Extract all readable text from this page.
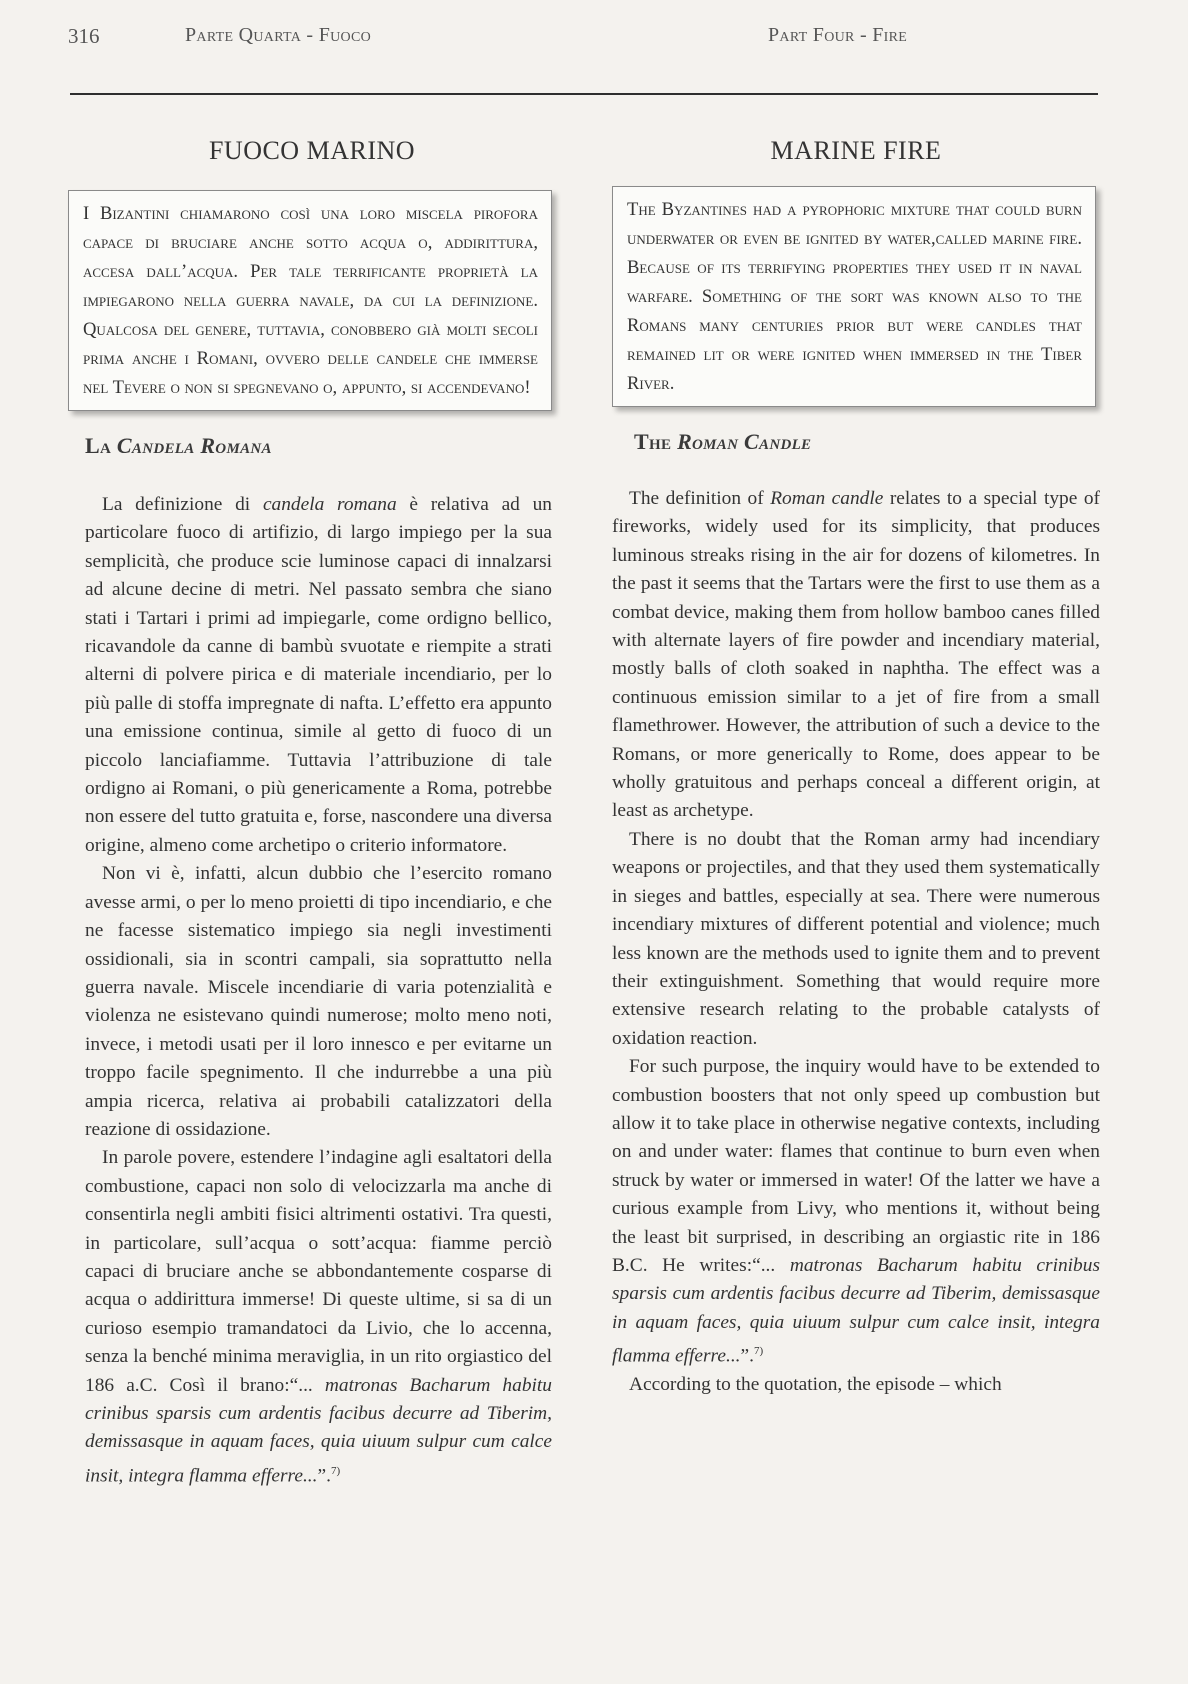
316	Parte Quarta - Fuoco	Part Four - Fire
FUOCO MARINO
I Bizantini chiamarono così una loro miscela pirofora capace di bruciare anche sotto acqua o, addirittura, accesa dall’acqua. Per tale terrificante proprietà la impiegarono nella guerra navale, da cui la definizione. Qualcosa del genere, tuttavia, conobbero già molti secoli prima anche i Romani, ovvero delle candele che immerse nel Tevere o non si spegnevano o, appunto, si accendevano!
La Candela Romana

La definizione di candela romana è relativa ad un particolare fuoco di artifizio, di largo impiego per la sua semplicità, che produce scie luminose capaci di innalzarsi ad alcune decine di metri. Nel passato sembra che siano stati i Tartari i primi ad impiegarle, come ordigno bellico, ricavandole da canne di bambù svuotate e riempite a strati alterni di polvere pirica e di materiale incendiario, per lo più palle di stoffa impregnate di nafta. L’effetto era appunto una emissione continua, simile al getto di fuoco di un piccolo lanciafiamme. Tuttavia l’attribuzione di tale ordigno ai Romani, o più genericamente a Roma, potrebbe non essere del tutto gratuita e, forse, nascondere una diversa origine, almeno come archetipo o criterio informatore.

Non vi è, infatti, alcun dubbio che l’esercito romano avesse armi, o per lo meno proietti di tipo incendiario, e che ne facesse sistematico impiego sia negli investimenti ossidionali, sia in scontri campali, sia soprattutto nella guerra navale. Miscele incendiarie di varia potenzialità e violenza ne esistevano quindi numerose; molto meno noti, invece, i metodi usati per il loro innesco e per evitarne un troppo facile spegnimento. Il che indurrebbe a una più ampia ricerca, relativa ai probabili catalizzatori della reazione di ossidazione.

In parole povere, estendere l’indagine agli esaltatori della combustione, capaci non solo di velocizzarla ma anche di consentirla negli ambiti fisici altrimenti ostativi. Tra questi, in particolare, sull’acqua o sott’acqua: fiamme perciò capaci di bruciare anche se abbondantemente cosparse di acqua o addirittura immerse! Di queste ultime, si sa di un curioso esempio tramandatoci da Livio, che lo accenna, senza la benché minima meraviglia, in un rito orgiastico del 186 a.C. Così il brano:“... matronas Bacharum habitu crinibus sparsis cum ardentis facibus decurre ad Tiberim, demissasque in aquam faces, quia uiuum sulpur cum calce insit, integra flamma efferre...”.$^{7)}$

MARINE FIRE
The Byzantines had a pyrophoric mixture that could burn underwater or even be ignited by water,called marine fire. Because of its terrifying properties they used it in naval warfare. Something of the sort was known also to the Romans many centuries prior but were candles that remained lit or were ignited when immersed in the Tiber River.
The Roman Candle

The definition of Roman candle relates to a special type of fireworks, widely used for its simplicity, that produces luminous streaks rising in the air for dozens of kilometres. In the past it seems that the Tartars were the first to use them as a combat device, making them from hollow bamboo canes filled with alternate layers of fire powder and incendiary material, mostly balls of cloth soaked in naphtha. The effect was a continuous emission similar to a jet of fire from a small flamethrower. However, the attribution of such a device to the Romans, or more generically to Rome, does appear to be wholly gratuitous and perhaps conceal a different origin, at least as archetype.

There is no doubt that the Roman army had incendiary weapons or projectiles, and that they used them systematically in sieges and battles, especially at sea. There were numerous incendiary mixtures of different potential and violence; much less known are the methods used to ignite them and to prevent their extinguishment. Something that would require more extensive research relating to the probable catalysts of oxidation reaction.

For such purpose, the inquiry would have to be extended to combustion boosters that not only speed up combustion but allow it to take place in otherwise negative contexts, including on and under water: flames that continue to burn even when struck by water or immersed in water! Of the latter we have a curious example from Livy, who mentions it, without being the least bit surprised, in describing an orgiastic rite in 186 B.C. He writes:“... matronas Bacharum habitu crinibus sparsis cum ardentis facibus decurre ad Tiberim, demissasque in aquam faces, quia uiuum sulpur cum calce insit, integra flamma efferre...”.$^{7)}$

According to the quotation, the episode – which
